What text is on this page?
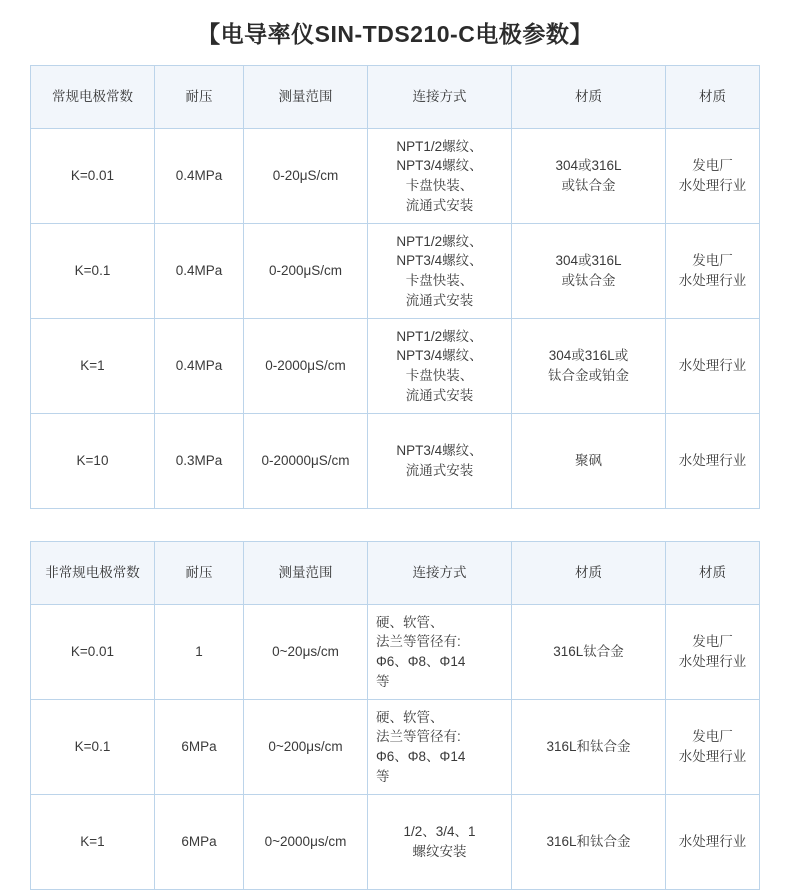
【电导率仪SIN-TDS210-C电极参数】
常规电极常数	耐压	测量范围	连接方式	材质	材质
K=0.01	0.4MPa	0-20μS/cm	NPT1/2螺纹、
NPT3/4螺纹、
卡盘快装、
流通式安装	304或316L
或钛合金	发电厂
水处理行业

K=0.1	0.4MPa	0-200μS/cm	NPT1/2螺纹、
NPT3/4螺纹、
卡盘快装、
流通式安装	304或316L
或钛合金	发电厂
水处理行业

K=1	0.4MPa	0-2000μS/cm	NPT1/2螺纹、
NPT3/4螺纹、
卡盘快装、
流通式安装	304或316L或
钛合金或铂金	水处理行业

K=10	0.3MPa	0-20000μS/cm	NPT3/4螺纹、
流通式安装	聚砜	水处理行业
非常规电极常数	耐压	测量范围	连接方式	材质	材质
K=0.01	1	0~20μs/cm	硬、软管、
法兰等管径有:
Φ6、Φ8、Φ14
等	316L钛合金	发电厂
水处理行业

K=0.1	6MPa	0~200μs/cm	硬、软管、
法兰等管径有:
Φ6、Φ8、Φ14
等	316L和钛合金	发电厂
水处理行业

K=1	6MPa	0~2000μs/cm	1/2、3/4、1
螺纹安装	316L和钛合金	水处理行业
